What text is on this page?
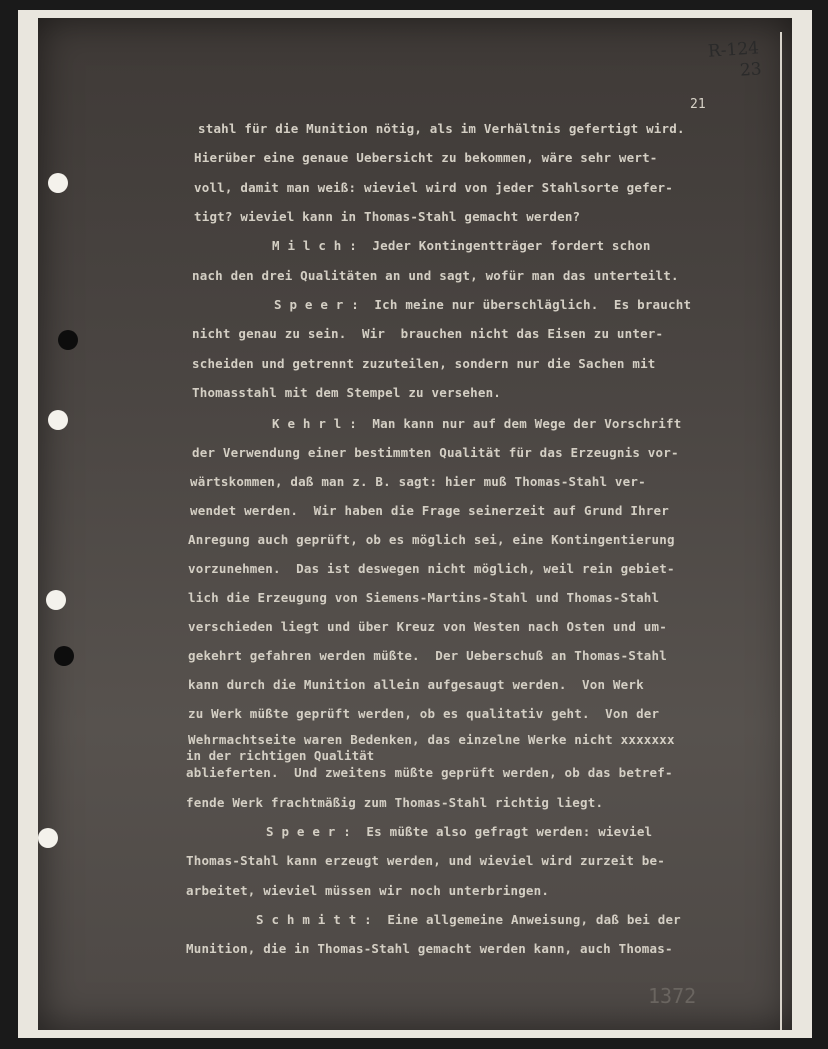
R-124
23
21
stahl für die Munition nötig, als im Verhältnis gefertigt wird.
Hierüber eine genaue Uebersicht zu bekommen, wäre sehr wert-
voll, damit man weiß: wieviel wird von jeder Stahlsorte gefer-
tigt? wieviel kann in Thomas-Stahl gemacht werden?
M i l c h :  Jeder Kontingentträger fordert schon
nach den drei Qualitäten an und sagt, wofür man das unterteilt.
S p e e r :  Ich meine nur überschläglich.  Es braucht
nicht genau zu sein.  Wir  brauchen nicht das Eisen zu unter-
scheiden und getrennt zuzuteilen, sondern nur die Sachen mit
Thomasstahl mit dem Stempel zu versehen.
K e h r l :  Man kann nur auf dem Wege der Vorschrift
der Verwendung einer bestimmten Qualität für das Erzeugnis vor-
wärtskommen, daß man z. B. sagt: hier muß Thomas-Stahl ver-
wendet werden.  Wir haben die Frage seinerzeit auf Grund Ihrer
Anregung auch geprüft, ob es möglich sei, eine Kontingentierung
vorzunehmen.  Das ist deswegen nicht möglich, weil rein gebiet-
lich die Erzeugung von Siemens-Martins-Stahl und Thomas-Stahl
verschieden liegt und über Kreuz von Westen nach Osten und um-
gekehrt gefahren werden müßte.  Der Ueberschuß an Thomas-Stahl
kann durch die Munition allein aufgesaugt werden.  Von Werk
zu Werk müßte geprüft werden, ob es qualitativ geht.  Von der
Wehrmachtseite waren Bedenken, das einzelne Werke nicht xxxxxxx
in der richtigen Qualität
ablieferten.  Und zweitens müßte geprüft werden, ob das betref-
fende Werk frachtmäßig zum Thomas-Stahl richtig liegt.
S p e e r :  Es müßte also gefragt werden: wieviel
Thomas-Stahl kann erzeugt werden, und wieviel wird zurzeit be-
arbeitet, wieviel müssen wir noch unterbringen.
S c h m i t t :  Eine allgemeine Anweisung, daß bei der
Munition, die in Thomas-Stahl gemacht werden kann, auch Thomas-
1372
